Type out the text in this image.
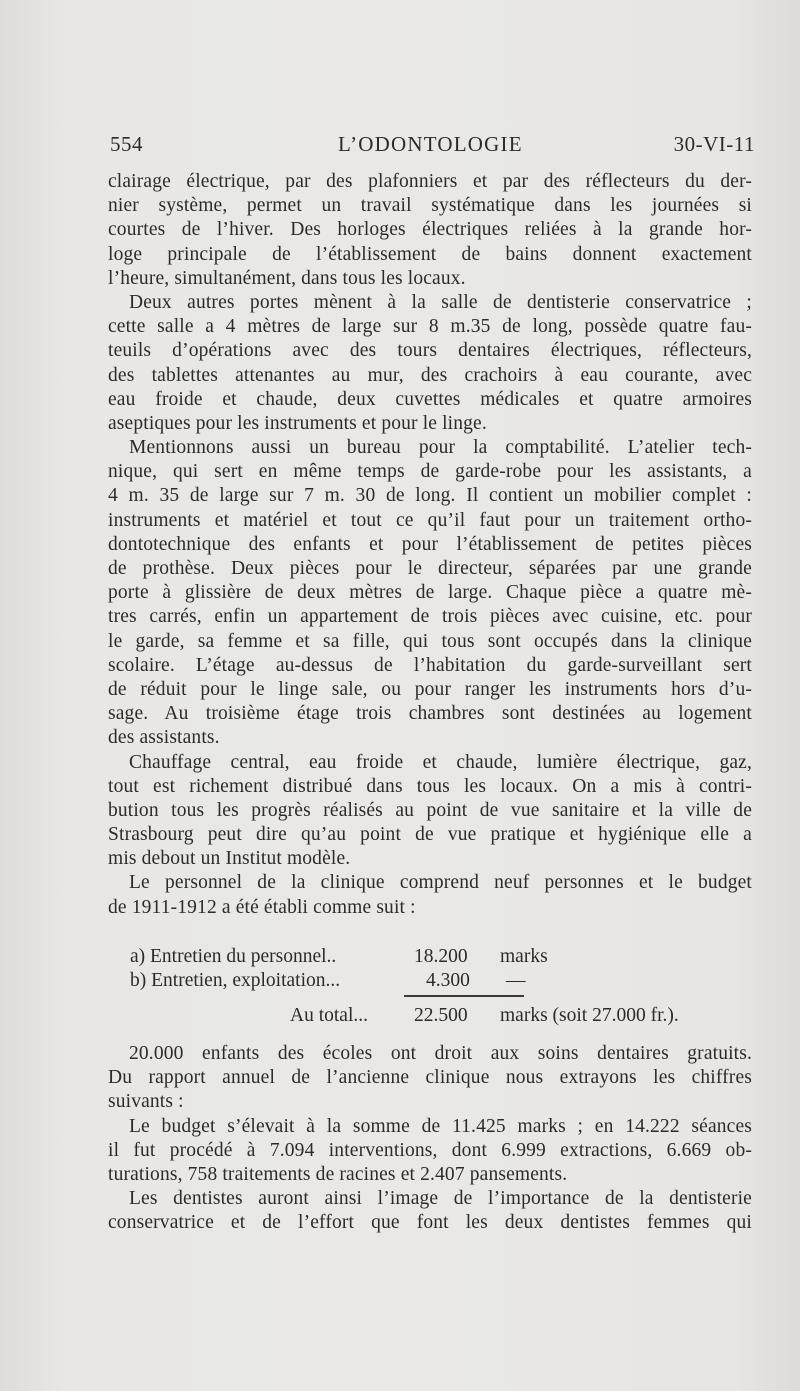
554	L’ODONTOLOGIE	30-VI-11
clairage électrique, par des plafonniers et par des réflecteurs du der-
nier système, permet un travail systématique dans les journées si
courtes de l’hiver. Des horloges électriques reliées à la grande hor-
loge principale de l’établissement de bains donnent exactement
l’heure, simultanément, dans tous les locaux.
Deux autres portes mènent à la salle de dentisterie conservatrice ;
cette salle a 4 mètres de large sur 8 m.35 de long, possède quatre fau-
teuils d’opérations avec des tours dentaires électriques, réflecteurs,
des tablettes attenantes au mur, des crachoirs à eau courante, avec
eau froide et chaude, deux cuvettes médicales et quatre armoires
aseptiques pour les instruments et pour le linge.
Mentionnons aussi un bureau pour la comptabilité. L’atelier tech-
nique, qui sert en même temps de garde-robe pour les assistants, a
4 m. 35 de large sur 7 m. 30 de long. Il contient un mobilier complet :
instruments et matériel et tout ce qu’il faut pour un traitement ortho-
dontotechnique des enfants et pour l’établissement de petites pièces
de prothèse. Deux pièces pour le directeur, séparées par une grande
porte à glissière de deux mètres de large. Chaque pièce a quatre mè-
tres carrés, enfin un appartement de trois pièces avec cuisine, etc. pour
le garde, sa femme et sa fille, qui tous sont occupés dans la clinique
scolaire. L’étage au-dessus de l’habitation du garde-surveillant sert
de réduit pour le linge sale, ou pour ranger les instruments hors d’u-
sage. Au troisième étage trois chambres sont destinées au logement
des assistants.
Chauffage central, eau froide et chaude, lumière électrique, gaz,
tout est richement distribué dans tous les locaux. On a mis à contri-
bution tous les progrès réalisés au point de vue sanitaire et la ville de
Strasbourg peut dire qu’au point de vue pratique et hygiénique elle a
mis debout un Institut modèle.
Le personnel de la clinique comprend neuf personnes et le budget
de 1911-1912 a été établi comme suit :
a) Entretien du personnel..	18.200 marks
b) Entretien, exploitation...	4.300 —
Au total... 22.500 marks (soit 27.000 fr.).
20.000 enfants des écoles ont droit aux soins dentaires gratuits.
Du rapport annuel de l’ancienne clinique nous extrayons les chiffres
suivants :
Le budget s’élevait à la somme de 11.425 marks ; en 14.222 séances
il fut procédé à 7.094 interventions, dont 6.999 extractions, 6.669 ob-
turations, 758 traitements de racines et 2.407 pansements.
Les dentistes auront ainsi l’image de l’importance de la dentisterie
conservatrice et de l’effort que font les deux dentistes femmes qui
